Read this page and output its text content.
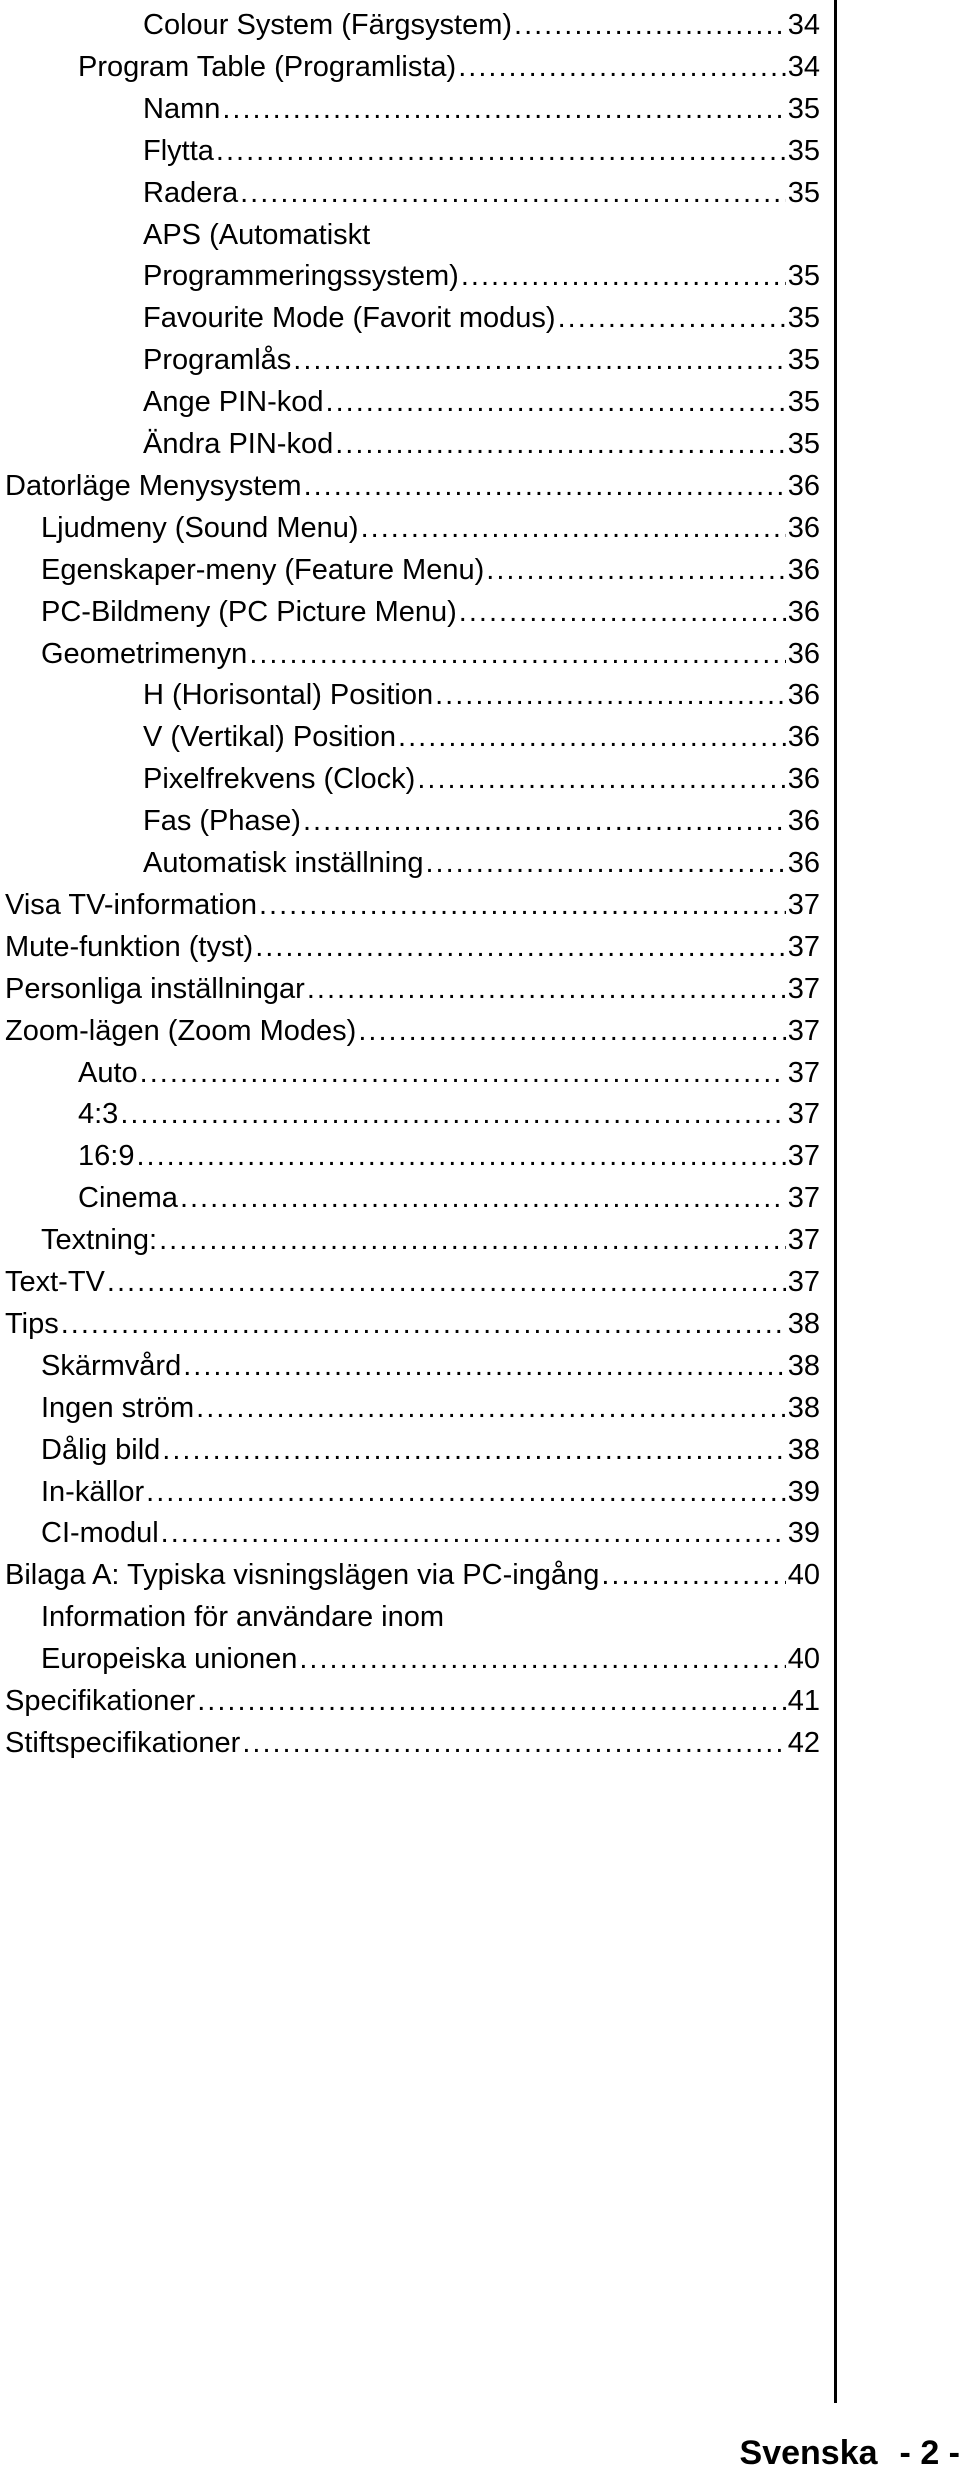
Colour System (Färgsystem) .....	34
Program Table (Programlista) .....	34
Namn .....	35
Flytta .....	35
Radera .....	35
APS (Automatiskt
Programmeringssystem) .....	35
Favourite Mode (Favorit modus) .....	35
Programlås .....	35
Ange PIN-kod .....	35
Ändra PIN-kod .....	35
Datorläge Menysystem .....	36
Ljudmeny (Sound Menu) .....	36
Egenskaper-meny (Feature Menu) .....	36
PC-Bildmeny (PC Picture Menu) .....	36
Geometrimenyn .....	36
H (Horisontal) Position .....	36
V (Vertikal) Position .....	36
Pixelfrekvens (Clock) .....	36
Fas (Phase) .....	36
Automatisk inställning .....	36
Visa TV-information .....	37
Mute-funktion (tyst) .....	37
Personliga inställningar .....	37
Zoom-lägen (Zoom Modes) .....	37
Auto .....	37
4:3 .....	37
16:9 .....	37
Cinema .....	37
Textning: .....	37
Text-TV .....	37
Tips .....	38
Skärmvård .....	38
Ingen ström .....	38
Dålig bild .....	38
In-källor .....	39
CI-modul .....	39
Bilaga A: Typiska visningslägen via PC-ingång .....	40
Information för användare inom
Europeiska unionen .....	40
Specifikationer .....	41
Stiftspecifikationer .....	42
Svenska - 2 -
